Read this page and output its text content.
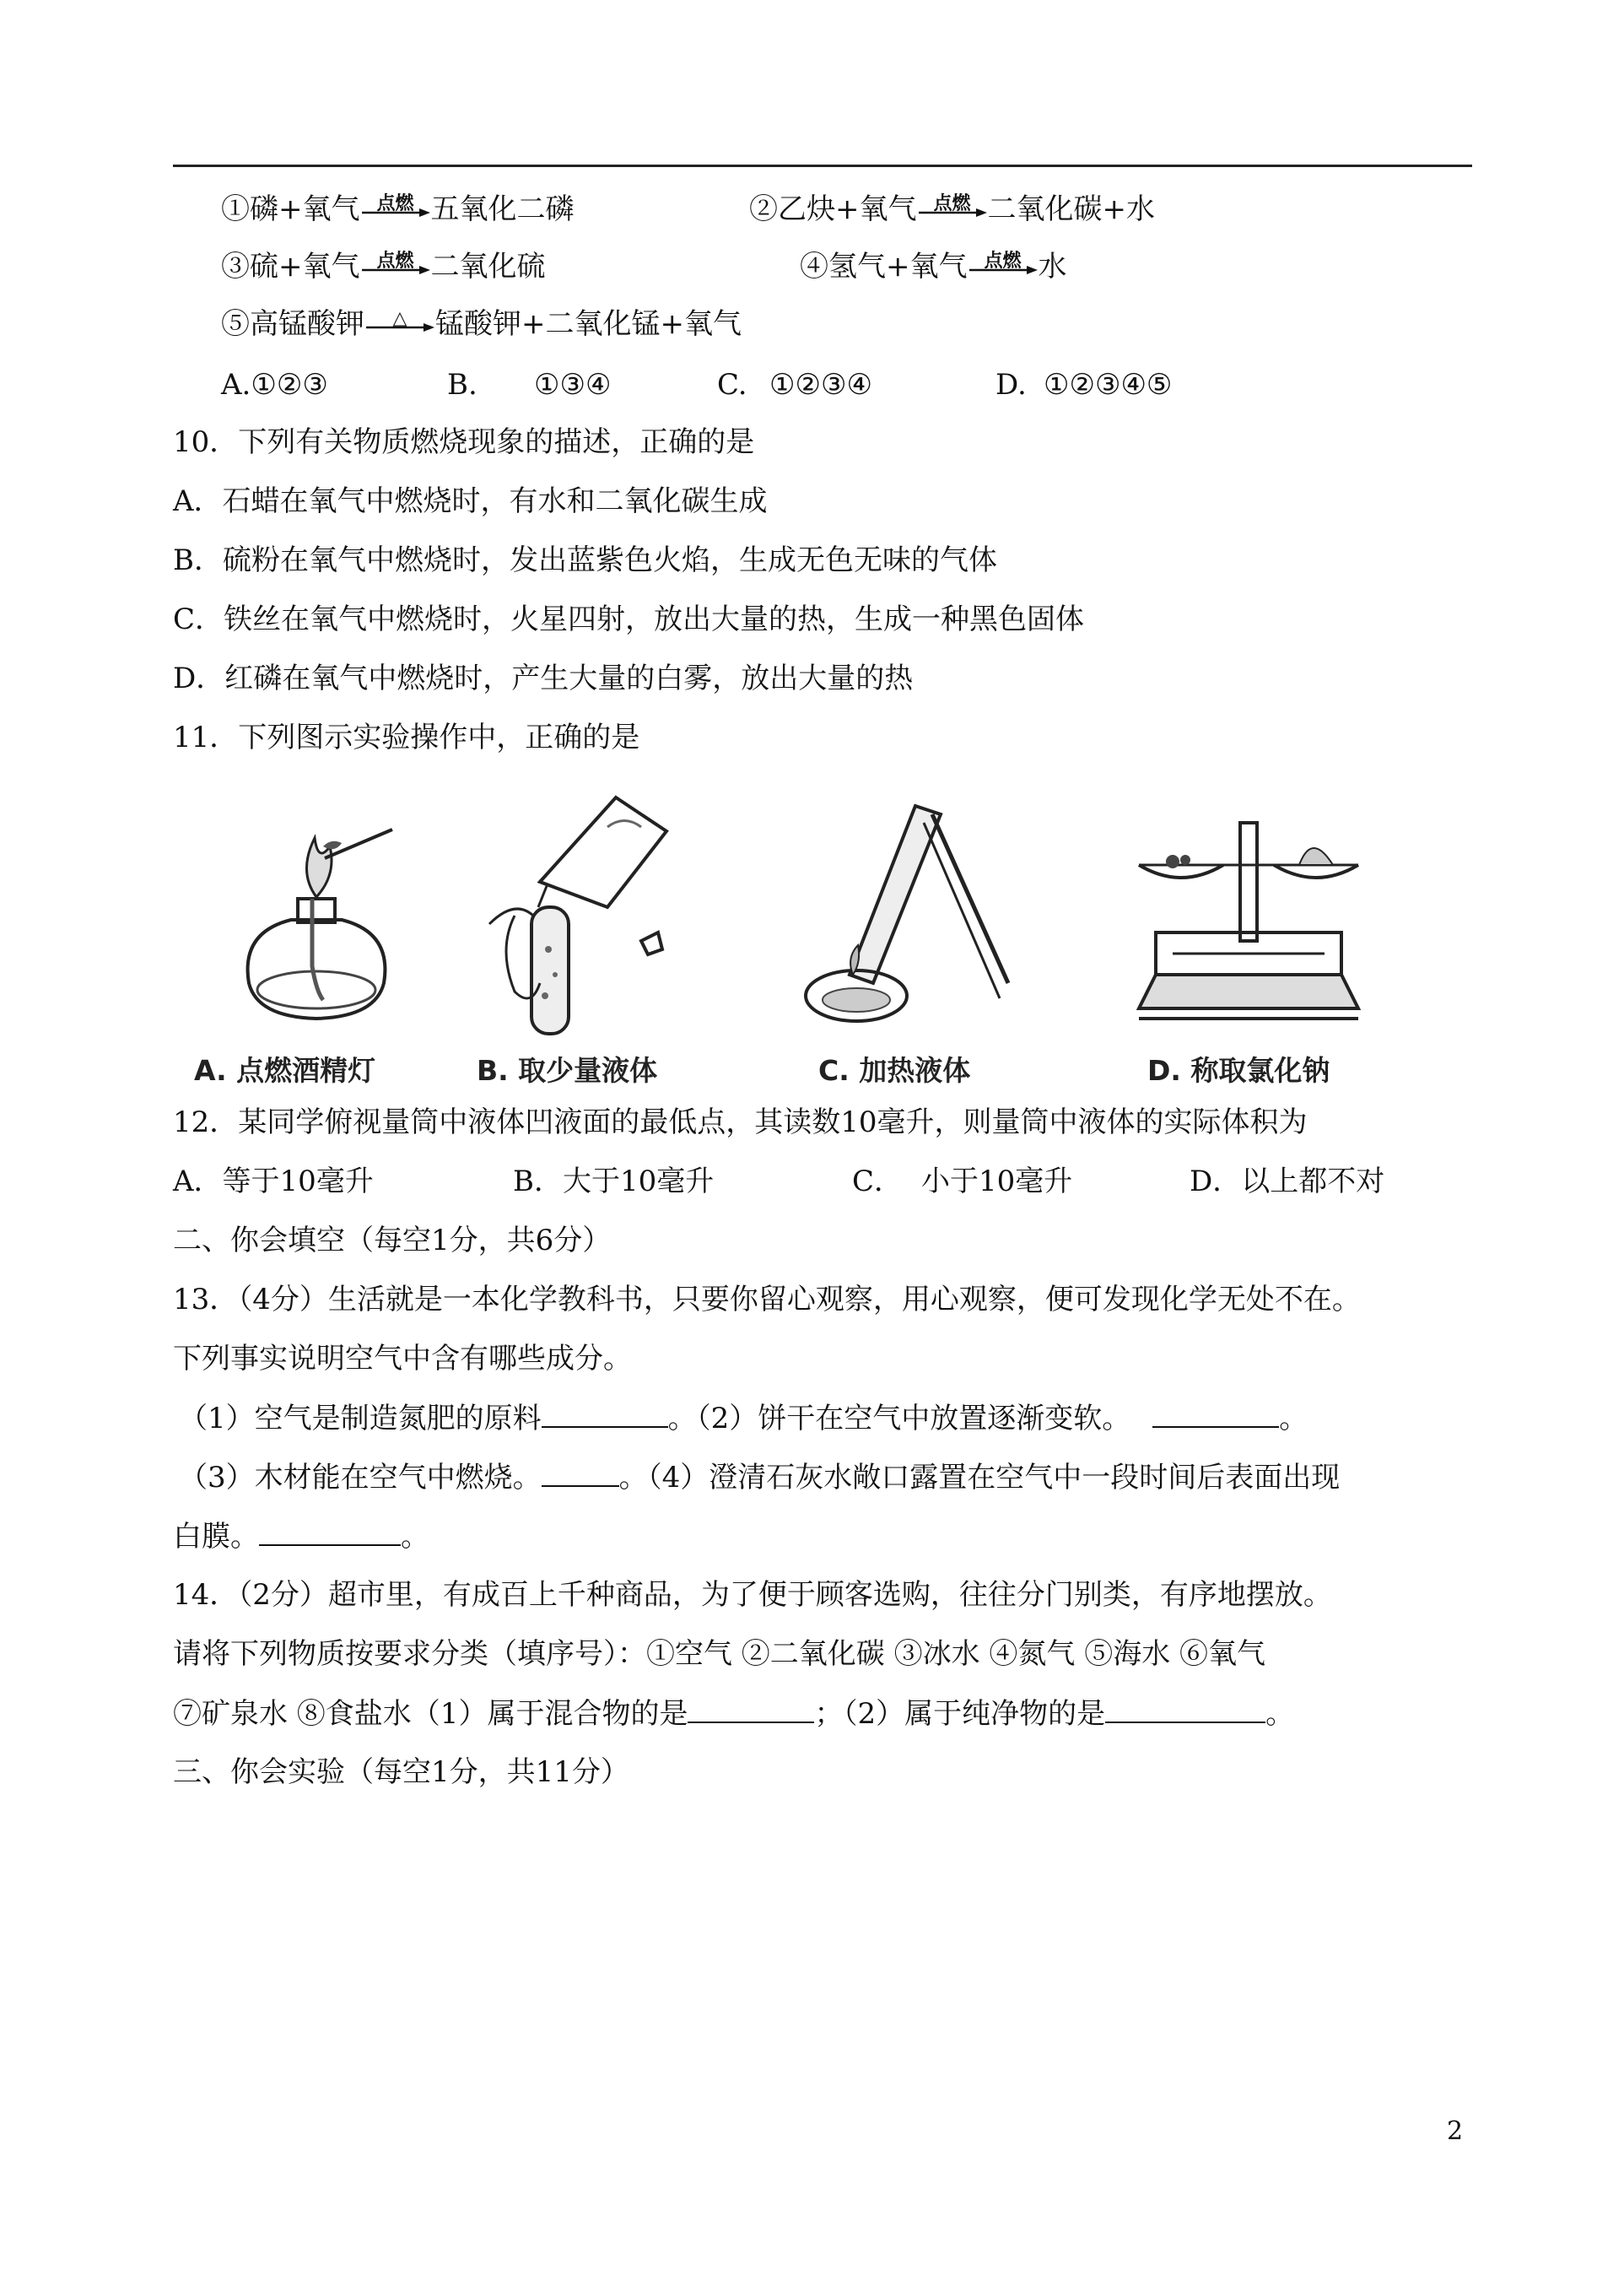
①磷+氧气 点燃 五氧化二磷	②乙炔+氧气 点燃 二氧化碳+水
③硫+氧气 点燃 二氧化硫	④氢气+氧气 点燃 水
⑤高锰酸钾	△ 锰酸钾+二氧化锰+氧气
A.①②③	B. ①③④	C. ①②③④	D. ①②③④⑤
10．下列有关物质燃烧现象的描述，正确的是
A．石蜡在氧气中燃烧时，有水和二氧化碳生成
B．硫粉在氧气中燃烧时，发出蓝紫色火焰，生成无色无味的气体
C．铁丝在氧气中燃烧时，火星四射，放出大量的热，生成一种黑色固体
D．红磷在氧气中燃烧时，产生大量的白雾，放出大量的热
11．下列图示实验操作中，正确的是
A. 点燃酒精灯	B. 取少量液体	C. 加热液体	D. 称取氯化钠
12．某同学俯视量筒中液体凹液面的最低点，其读数10毫升，则量筒中液体的实际体积为
A．等于10毫升	B．大于10毫升	C． 小于10毫升	D．以上都不对
二、你会填空（每空1分，共6分）
13．（4分）生活就是一本化学教科书，只要你留心观察，用心观察，便可发现化学无处不在。
下列事实说明空气中含有哪些成分。
（1）空气是制造氮肥的原料	。（2）饼干在空气中放置逐渐变软。	。
（3）木材能在空气中燃烧。	。（4）澄清石灰水敞口露置在空气中一段时间后表面出现
白膜。	。
14．（2分）超市里，有成百上千种商品，为了便于顾客选购，往往分门别类，有序地摆放。
请将下列物质按要求分类（填序号）：①空气 ②二氧化碳 ③冰水 ④氮气 ⑤海水 ⑥氧气
⑦矿泉水 ⑧食盐水（1）属于混合物的是	；（2）属于纯净物的是	。
三、你会实验（每空1分，共11分）
2
